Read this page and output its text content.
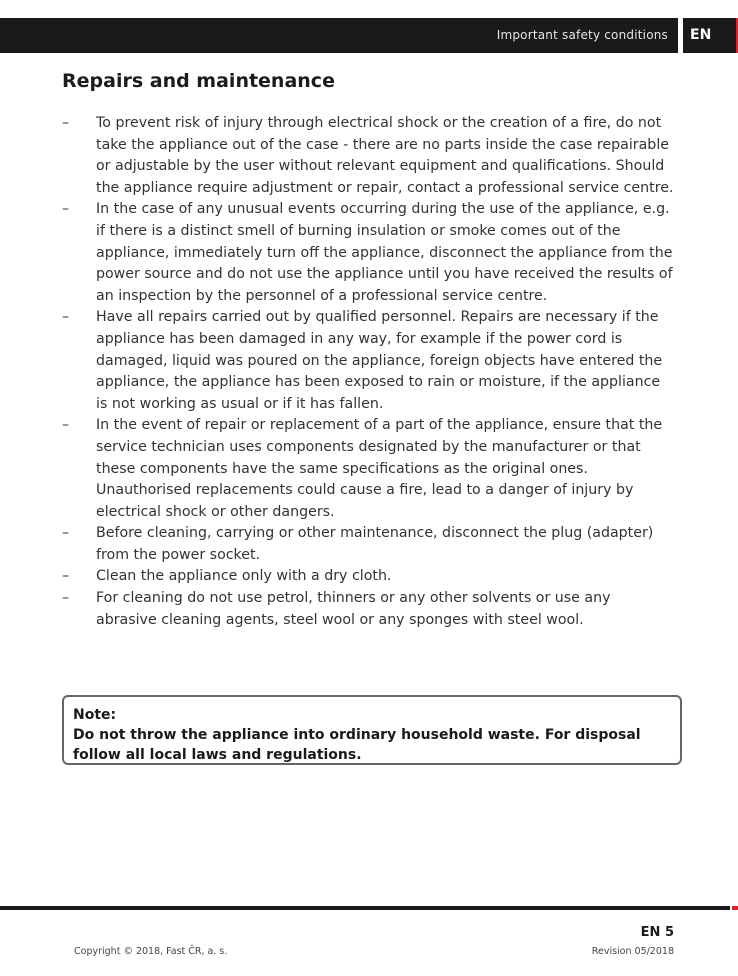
Important safety conditions EN
Repairs and maintenance
–	To prevent risk of injury through electrical shock or the creation of a fire, do not take the appliance out of the case - there are no parts inside the case repairable or adjustable by the user without relevant equipment and qualifications. Should the appliance require adjustment or repair, contact a professional service centre.
–	In the case of any unusual events occurring during the use of the appliance, e.g. if there is a distinct smell of burning insulation or smoke comes out of the appliance, immediately turn off the appliance, disconnect the appliance from the power source and do not use the appliance until you have received the results of an inspection by the personnel of a professional service centre.
–	Have all repairs carried out by qualified personnel. Repairs are necessary if the appliance has been damaged in any way, for example if the power cord is damaged, liquid was poured on the appliance, foreign objects have entered the appliance, the appliance has been exposed to rain or moisture, if the appliance is not working as usual or if it has fallen.
–	In the event of repair or replacement of a part of the appliance, ensure that the service technician uses components designated by the manufacturer or that these components have the same specifications as the original ones. Unauthorised replacements could cause a fire, lead to a danger of injury by electrical shock or other dangers.
–	Before cleaning, carrying or other maintenance, disconnect the plug (adapter) from the power socket.
–	Clean the appliance only with a dry cloth.
–	For cleaning do not use petrol, thinners or any other solvents or use any abrasive cleaning agents, steel wool or any sponges with steel wool.

Note:

Do not throw the appliance into ordinary household waste. For disposal follow all local laws and regulations.

EN 5
Copyright © 2018, Fast ČR, a. s.	Revision 05/2018
